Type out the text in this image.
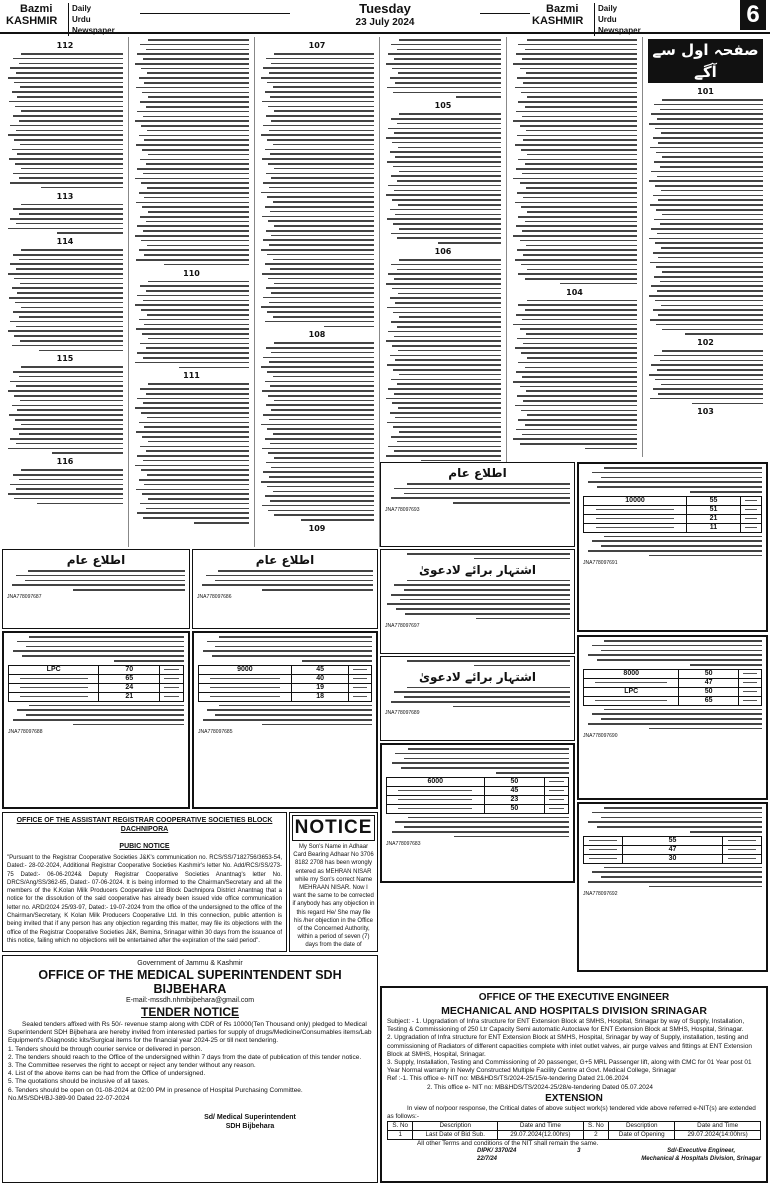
Bazmi
KASHMIR
Daily
Urdu Newspaper
Tuesday
23 July 2024
Bazmi
KASHMIR
Daily
Urdu Newspaper
6
112
113
114
115
116
110
111
107
108
109
105
106
104
صفحہ اول سے آگے
101
102
103
اطلاع عام
JNA778097693
10000	55	

	51	

	21	

	11	
JNA778097691
اشتہار برائے لادعویٰ
JNA778097697
8000	50	

	47	

LPC	50	

	65	
JNA778097690
اشتہار برائے لادعویٰ
JNA778097689
6000	50	

	45	

	23	

	50	
JNA778097683
		55	

	47	

	30	
JNA778097692
اطلاع عام
JNA778097687
اطلاع عام
JNA778097686
LPC	70	

	65	

	24	

	21	
JNA778097688
9000	45	

	40	

	19	

	18	
JNA778097685
OFFICE OF THE ASSISTANT REGISTRAR COOPERATIVE SOCIETIES BLOCK DACHNIPORA
PUBIC NOTICE

"Pursuant to the Registrar Cooperative Societies J&K's communication no. RCS/SS/7182756/3653-54, Dated:- 28-02-2024, Additional Registrar Cooperative Societies Kashmir's letter No. Add/RCS/SS/273-75 Dated:- 06-06-2024& Deputy Registrar Cooperative Societies Anantnag's letter No. DRCS/Ang/SS/362-65, Dated:- 07-06-2024. It is being informed to the Chairman/Secretary and all the members of the K.Kolan Milk Producers Cooperative Ltd Block Dachnipora District Anantnag that a notice for the dissolution of the said cooperative has already been issued vide office communication letter no. ARD/2024 25/93-97, Dated:- 19-07-2024 from the office of the undersigned to the office of the Chairman/Secretary, K Kolan Milk Producers Cooperative Ltd. In this connection, public attention is being invited that if any person has any objection regarding this matter, may file its objections with the office of the Registrar Cooperative Societies J&K, Bemina, Srinagar within 30 days from the issuance of this notice, failing which no objections will be entertained after the expiration of the said period".

NOTICE
My Son's Name in Adhaar Card Bearing Adhaar No 3706 8182 2708 has been wrongly entered as MEHRAN NISAR while my Son's correct Name MEHRAAN NISAR. Now I want the same to be corrected if anybody has any objection in this regard He/ She may file his /her objection in the Office of the Concerned Authority, within a period of seven (7) days from the date of
Government of Jammu & Kashmir
OFFICE OF THE MEDICAL SUPERINTENDENT SDH BIJBEHARA
E-mail:-mssdh.nhmbijbehara@gmail.com
TENDER NOTICE

Sealed tenders affixed with Rs 50/- revenue stamp along with CDR of Rs 10000(Ten Thousand only) pledged to Medical Superintendent SDH Bijbehara are hereby invited from interested parties for supply of drugs/Medicine/Consumables items/Lab Equipment's /Diagnostic kits/Surgical items for the financial year 2024-25 or till next tendering.

1. Tenders should be through courier service or delivered in person.

2. The tenders should reach to the Office of the undersigned within 7 days from the date of publication of this tender notice.

3. The Committee reserves the right to accept or reject any tender without any reason.

4. List of the above items can be had from the Office of undersigned.

5. The quotations should be inclusive of all taxes.

6. Tenders should be open on 01-08-2024 at 02:00 PM in presence of Hospital Purchasing Committee.

No.MS/SDH/BJ-389-90 Dated 22-07-2024

Sd/ Medical Superintendent
SDH Bijbehara
OFFICE OF THE EXECUTIVE ENGINEER
MECHANICAL AND HOSPITALS DIVISION SRINAGAR

Subject: - 1. Upgradation of Infra structure for ENT Extension Block at SMHS, Hospital, Srinagar by way of Supply, Installation, Testing & Commissioning of 250 Ltr Capacity Semi automatic Autoclave for ENT Extension Block at SMHS, Hospital, Srinagar.

2. Upgradation of Infra structure for ENT Extension Block at SMHS, Hospital, Srinagar by way of Supply, installation, testing and commissioning of Radiators of different capacities complete with inlet outlet valves, air purge valves and fittings at ENT Extension Block at SMHS, Hospital, Srinagar.

3. Supply, Installation, Testing and Commissioning of 20 passenger, G+5 MRL Passenger lift, along with CMC for 01 Year post 01 Year Normal warranty in Newly Constructed Multiple Facility Centre at Govt. Medical College, Srinagar

Ref :-1. This office e- NIT no: MB&HDS/TS/2024-25/15/e-tendering Dated 21.06.2024

2. This office e- NIT no: MB&HDS/TS/2024-25/28/e-tendering Dated 05.07.2024

EXTENSION

In view of no/poor response, the Critical dates of above subject work(s) tendered vide above referred e-NIT(s) are extended as follows:-

S. No	Description	Date and Time	S. No	Description	Date and Time
1	Last Date of Bid Sub.	29.07.2024(12.00hrs)	2	Date of Opening	29.07.2024(14:00hrs)

All other Terms and conditions of the NIT shall remain the same.

DIPK/ 3370/24
22/7/24
3	Sd/-Executive Engineer,
Mechanical & Hospitals Division, Srinagar
